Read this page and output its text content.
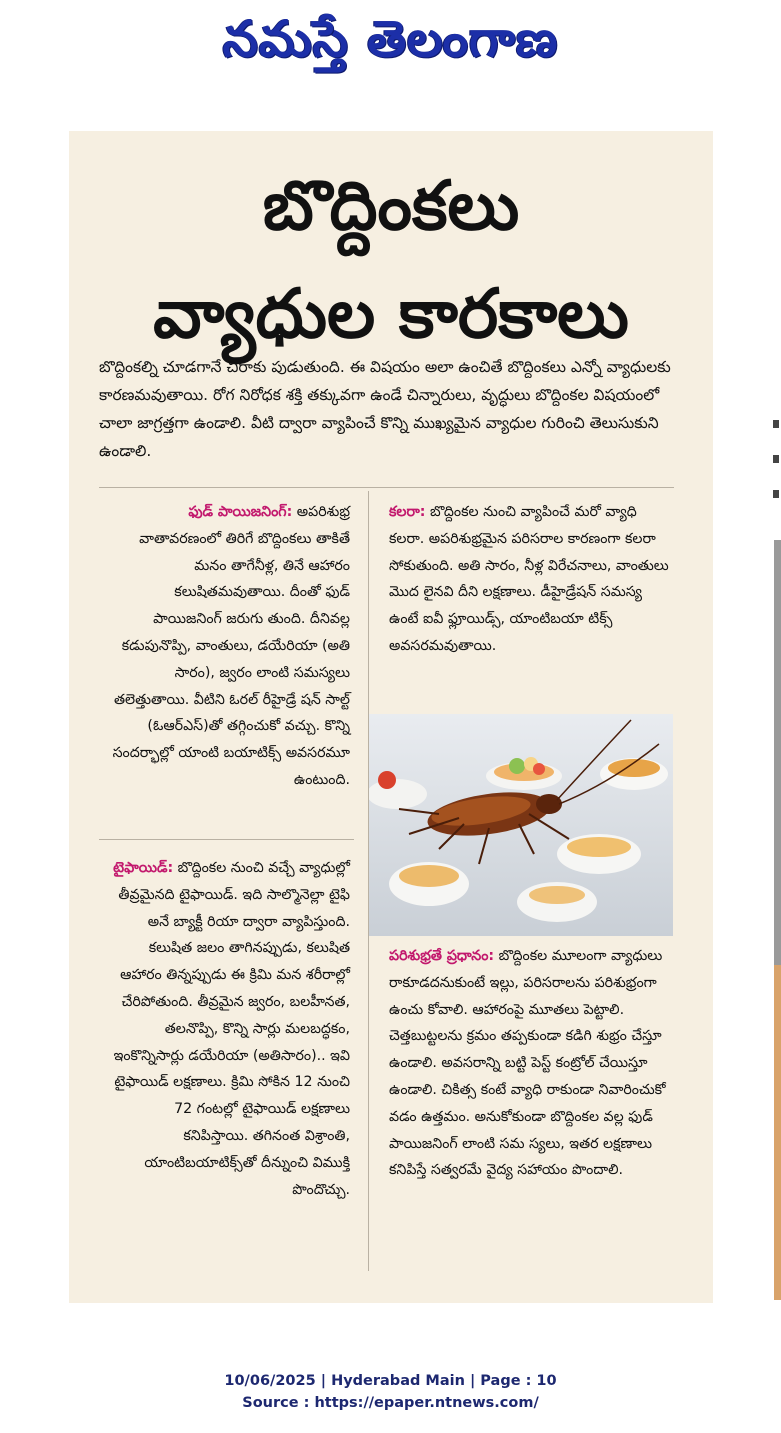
నమస్తే తెలంగాణ
బొద్దింకలు
వ్యాధుల కారకాలు
బొద్దింకల్ని చూడగానే చిరాకు పుడుతుంది. ఈ విషయం అలా ఉంచితే బొద్దింకలు ఎన్నో వ్యాధులకు కారణమవుతాయి. రోగ నిరోధక శక్తి తక్కువగా ఉండే చిన్నారులు, వృద్ధులు బొద్దింకల విషయంలో చాలా జాగ్రత్తగా ఉండాలి. వీటి ద్వారా వ్యాపించే కొన్ని ముఖ్యమైన వ్యాధుల గురించి తెలుసుకుని ఉండాలి.
ఫుడ్ పాయిజనింగ్: అపరిశుభ్ర వాతావరణంలో తిరిగే బొద్దింకలు తాకితే మనం తాగేనీళ్ల, తినే ఆహారం కలుషితమవుతాయి. దీంతో ఫుడ్ పాయిజనింగ్ జరుగు తుంది. దీనివల్ల కడుపునొప్పి, వాంతులు, డయేరియా (అతి సారం), జ్వరం లాంటి సమస్యలు తలెత్తుతాయి. వీటిని ఓరల్ రీహైడ్రే షన్ సాల్ట్ (ఓఆర్ఎస్)తో తగ్గించుకో వచ్చు. కొన్ని సందర్భాల్లో యాంటి బయాటిక్స్ అవసరమూ ఉంటుంది.
టైఫాయిడ్: బొద్దింకల నుంచి వచ్చే వ్యాధుల్లో తీవ్రమైనది టైఫాయిడ్. ఇది సాల్మొనెల్లా టైఫి అనే బ్యాక్టీ రియా ద్వారా వ్యాపిస్తుంది. కలుషిత జలం తాగినప్పుడు, కలుషిత ఆహారం తిన్నప్పుడు ఈ క్రిమి మన శరీరాల్లో చేరిపోతుంది. తీవ్రమైన జ్వరం, బలహీనత, తలనొప్పి, కొన్ని సార్లు మలబద్ధకం, ఇంకొన్నిసార్లు డయేరియా (అతిసారం).. ఇవి టైఫాయిడ్ లక్షణాలు. క్రిమి సోకిన 12 నుంచి 72 గంటల్లో టైఫాయిడ్ లక్షణాలు కనిపిస్తాయి. తగినంత విశ్రాంతి, యాంటిబయాటిక్స్‌తో దీన్నుంచి విముక్తి పొందొచ్చు.
కలరా: బొద్దింకల నుంచి వ్యాపించే మరో వ్యాధి కలరా. అపరిశుభ్రమైన పరిసరాల కారణంగా కలరా సోకుతుంది. అతి సారం, నీళ్ల విరేచనాలు, వాంతులు మొద లైనవి దీని లక్షణాలు. డీహైడ్రేషన్ సమస్య ఉంటే ఐవీ ఫ్లూయిడ్స్, యాంటిబయా టిక్స్ అవసరమవుతాయి.
పరిశుభ్రతే ప్రధానం: బొద్దింకల మూలంగా వ్యాధులు రాకూడదనుకుంటే ఇల్లు, పరిసరాలను పరిశుభ్రంగా ఉంచు కోవాలి. ఆహారంపై మూతలు పెట్టాలి. చెత్తబుట్టలను క్రమం తప్పకుండా కడిగి శుభ్రం చేస్తూ ఉండాలి. అవసరాన్ని బట్టి పెస్ట్ కంట్రోల్ చేయిస్తూ ఉండాలి. చికిత్స కంటే వ్యాధి రాకుండా నివారించుకో వడం ఉత్తమం. అనుకోకుండా బొద్దింకల వల్ల ఫుడ్ పాయిజనింగ్ లాంటి సమ స్యలు, ఇతర లక్షణాలు కనిపిస్తే సత్వరమే వైద్య సహాయం పొందాలి.
10/06/2025 | Hyderabad Main | Page : 10
Source : https://epaper.ntnews.com/
